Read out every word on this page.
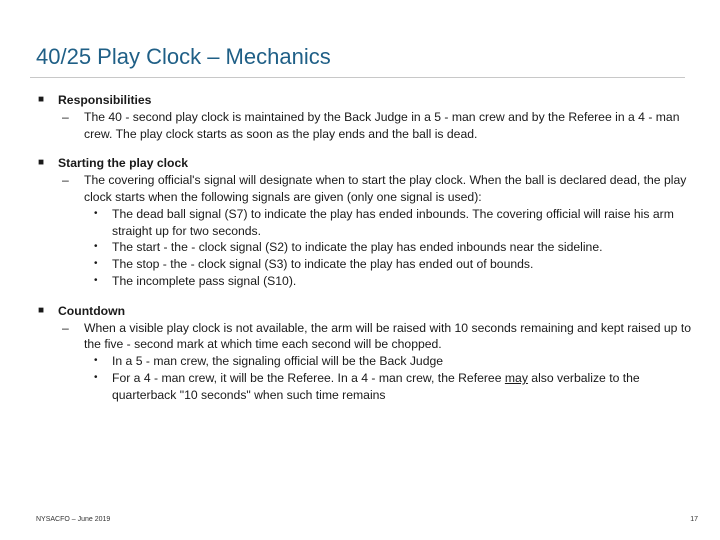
40/25 Play Clock – Mechanics
■ Responsibilities
– The 40 - second play clock is maintained by the Back Judge in a 5 - man crew and by the Referee in a 4 - man crew. The play clock starts as soon as the play ends and the ball is dead.
■ Starting the play clock
– The covering official's signal will designate when to start the play clock. When the ball is declared dead, the play clock starts when the following signals are given (only one signal is used):
• The dead ball signal (S7) to indicate the play has ended inbounds. The covering official will raise his arm straight up for two seconds.
• The start - the - clock signal (S2) to indicate the play has ended inbounds near the sideline.
• The stop - the - clock signal (S3) to indicate the play has ended out of bounds.
• The incomplete pass signal (S10).
■ Countdown
– When a visible play clock is not available, the arm will be raised with 10 seconds remaining and kept raised up to the five - second mark at which time each second will be chopped.
• In a 5 - man crew, the signaling official will be the Back Judge
• For a 4 - man crew, it will be the Referee. In a 4 - man crew, the Referee may also verbalize to the quarterback "10 seconds" when such time remains
NYSACFO – June 2019	17
